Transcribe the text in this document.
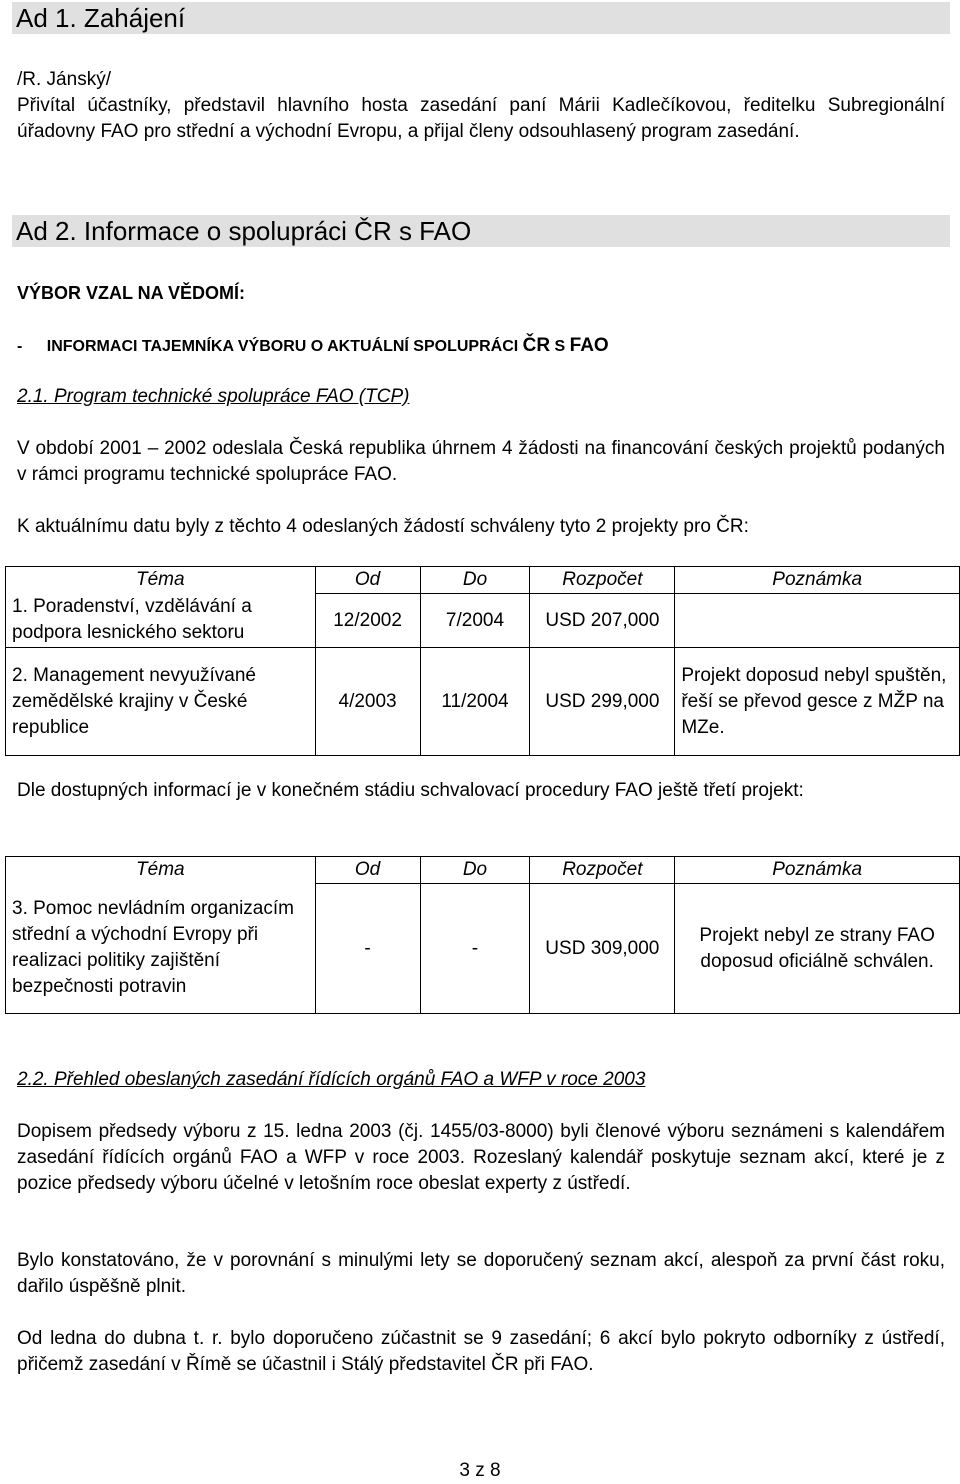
Ad 1. Zahájení

/R. Jánský/

Přivítal účastníky, představil hlavního hosta zasedání paní Márii Kadlečíkovou, ředitelku Subregionální úřadovny FAO pro střední a východní Evropu, a přijal členy odsouhlasený program zasedání.

Ad 2. Informace o spolupráci ČR s FAO

VÝBOR VZAL NA VĚDOMÍ:

- INFORMACI TAJEMNÍKA VÝBORU O AKTUÁLNÍ SPOLUPRÁCI ČR S FAO

2.1. Program technické spolupráce FAO (TCP)

V období 2001 – 2002 odeslala Česká republika úhrnem 4 žádosti na financování českých projektů podaných v rámci programu technické spolupráce FAO.

K aktuálnímu datu byly z těchto 4 odeslaných žádostí schváleny tyto 2 projekty pro ČR:

Téma	Od	Do	Rozpočet	Poznámka
1. Poradenství, vzdělávání a podpora lesnického sektoru	12/2002	7/2004	USD 207,000	
2. Management nevyužívané zemědělské krajiny v České republice	4/2003	11/2004	USD 299,000	Projekt doposud nebyl spuštěn, řeší se převod gesce z MŽP na MZe.

Dle dostupných informací je v konečném stádiu schvalovací procedury FAO ještě třetí projekt:

Téma	Od	Do	Rozpočet	Poznámka
3. Pomoc nevládním organizacím střední a východní Evropy při realizaci politiky zajištění bezpečnosti potravin	-	-	USD 309,000	Projekt nebyl ze strany FAO doposud oficiálně schválen.

2.2. Přehled obeslaných zasedání řídících orgánů FAO a WFP v roce 2003

Dopisem předsedy výboru z 15. ledna 2003 (čj. 1455/03-8000) byli členové výboru seznámeni s kalendářem zasedání řídících orgánů FAO a WFP v roce 2003. Rozeslaný kalendář poskytuje seznam akcí, které je z pozice předsedy výboru účelné v letošním roce obeslat experty z ústředí.

Bylo konstatováno, že v porovnání s minulými lety se doporučený seznam akcí, alespoň za první část roku, dařilo úspěšně plnit.

Od ledna do dubna t. r. bylo doporučeno zúčastnit se 9 zasedání; 6 akcí bylo pokryto odborníky z ústředí, přičemž zasedání v Římě se účastnil i Stálý představitel ČR při FAO.

3 z 8
